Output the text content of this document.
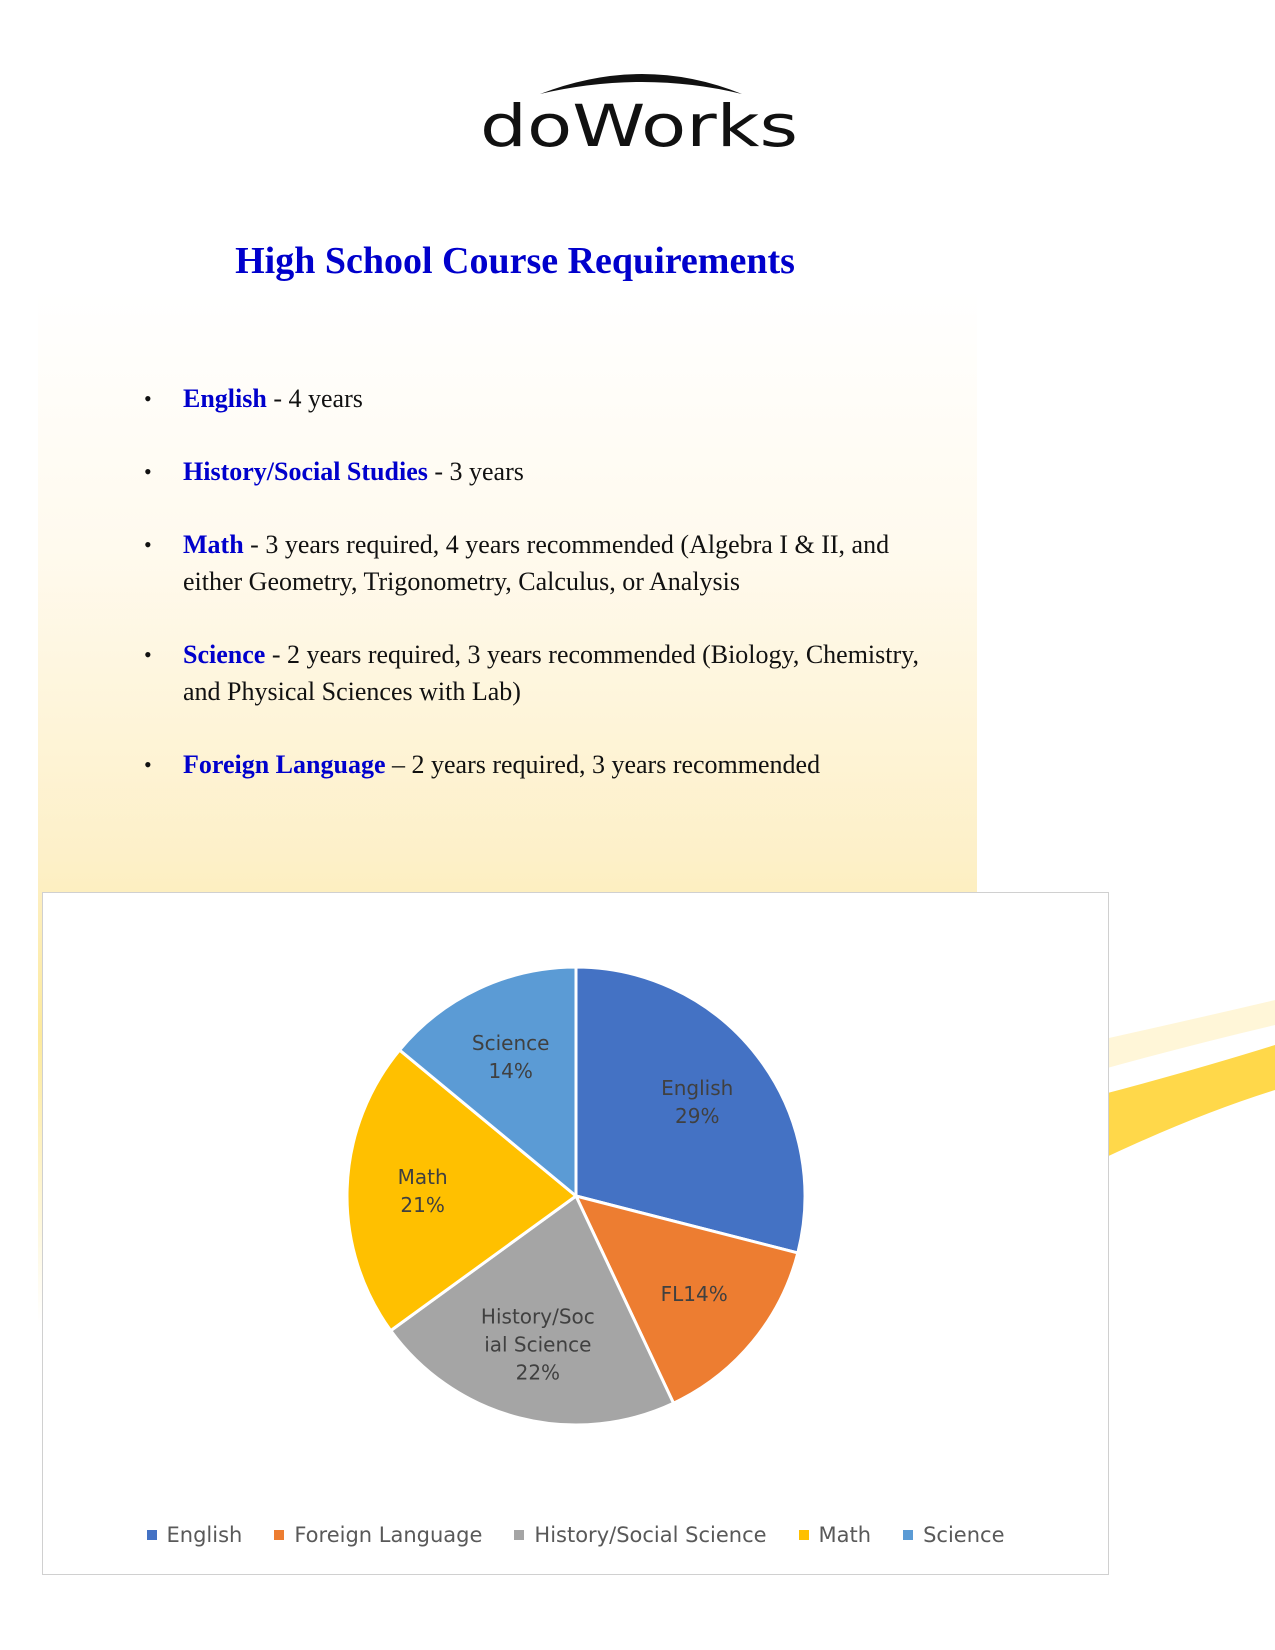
doWorks
High School Course Requirements
• English - 4 years
• History/Social Studies - 3 years
• Math - 3 years required, 4 years recommended (Algebra I & II, and either Geometry, Trigonometry, Calculus, or Analysis
• Science - 2 years required, 3 years recommended (Biology, Chemistry, and Physical Sciences with Lab)
• Foreign Language – 2 years required, 3 years recommended
English 29%
FL14%
History/Soc ial Science 22%
Math 21%
Science 14%
English Foreign Language History/Social Science Math Science
